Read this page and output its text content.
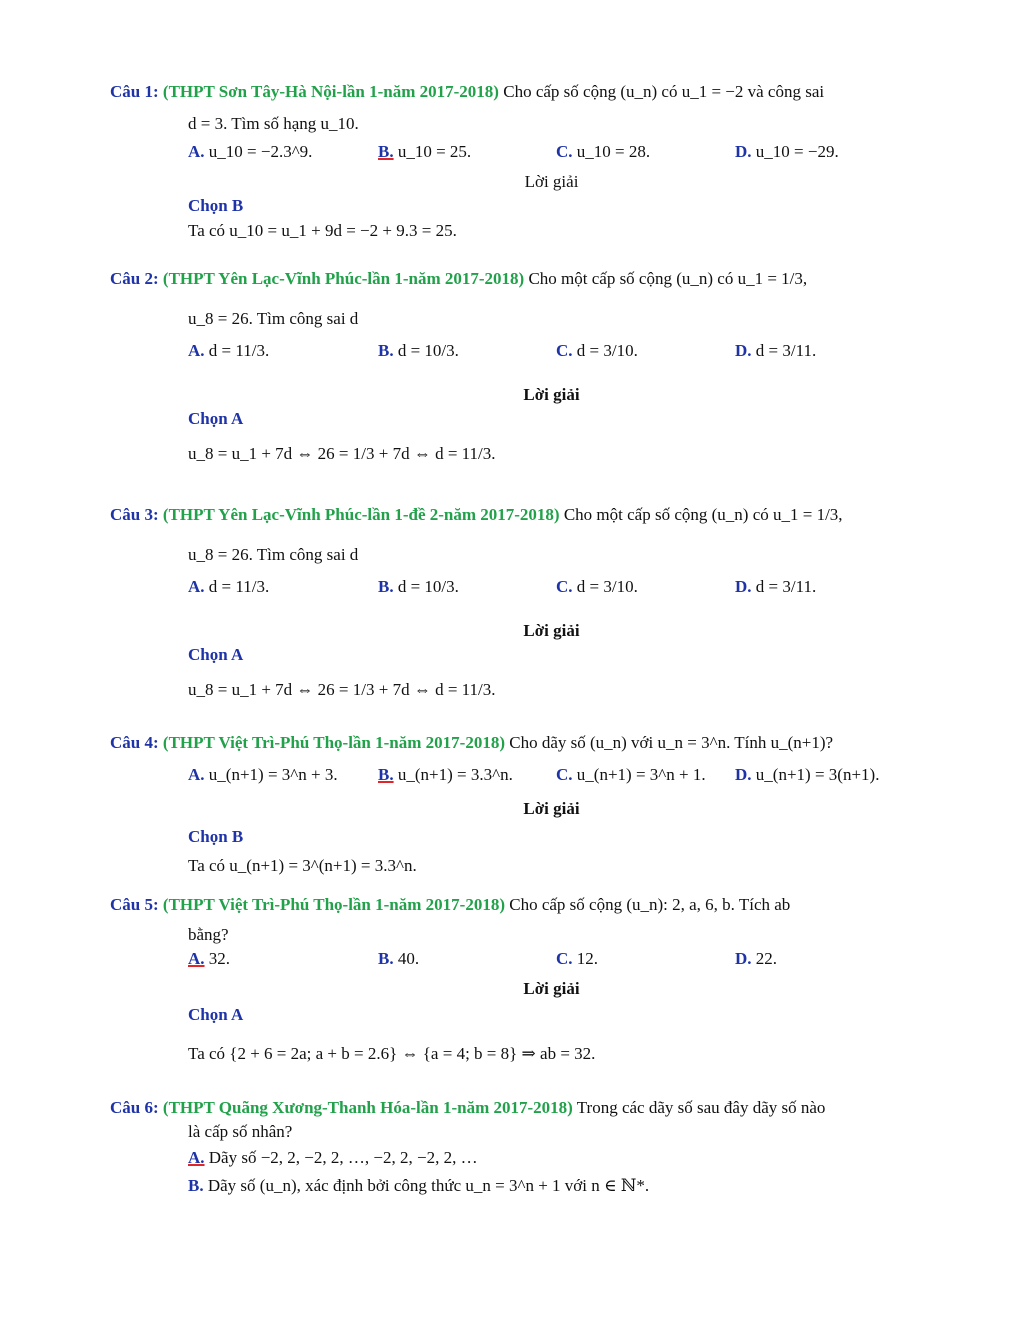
Câu 1: (THPT Sơn Tây-Hà Nội-lần 1-năm 2017-2018) Cho cấp số cộng (u_n) có u_1 = −2 và công sai
d = 3. Tìm số hạng u_10.
A. u_10 = −2.3^9.	B. u_10 = 25.	C. u_10 = 28.	D. u_10 = −29.
Lời giải
Chọn B
Ta có u_10 = u_1 + 9d = −2 + 9.3 = 25.
Câu 2: (THPT Yên Lạc-Vĩnh Phúc-lần 1-năm 2017-2018) Cho một cấp số cộng (u_n) có u_1 = 1/3,
u_8 = 26. Tìm công sai d
A. d = 11/3.	B. d = 10/3.	C. d = 3/10.	D. d = 3/11.
Lời giải
Chọn A
u_8 = u_1 + 7d ⇔ 26 = 1/3 + 7d ⇔ d = 11/3.
Câu 3: (THPT Yên Lạc-Vĩnh Phúc-lần 1-đề 2-năm 2017-2018) Cho một cấp số cộng (u_n) có u_1 = 1/3,
u_8 = 26. Tìm công sai d
A. d = 11/3.	B. d = 10/3.	C. d = 3/10.	D. d = 3/11.
Lời giải
Chọn A
u_8 = u_1 + 7d ⇔ 26 = 1/3 + 7d ⇔ d = 11/3.
Câu 4: (THPT Việt Trì-Phú Thọ-lần 1-năm 2017-2018) Cho dãy số (u_n) với u_n = 3^n. Tính u_(n+1)?
A. u_(n+1) = 3^n + 3. B. u_(n+1) = 3.3^n.	C. u_(n+1) = 3^n + 1. D. u_(n+1) = 3(n+1).
Lời giải
Chọn B
Ta có u_(n+1) = 3^(n+1) = 3.3^n.
Câu 5: (THPT Việt Trì-Phú Thọ-lần 1-năm 2017-2018) Cho cấp số cộng (u_n): 2, a, 6, b. Tích ab
bằng?
A. 32.	B. 40.	C. 12.	D. 22.
Lời giải
Chọn A
Ta có {2 + 6 = 2a; a + b = 2.6} ⇔ {a = 4; b = 8} ⇒ ab = 32.
Câu 6: (THPT Quãng Xương-Thanh Hóa-lần 1-năm 2017-2018) Trong các dãy số sau đây dãy số nào
là cấp số nhân?
A. Dãy số −2, 2, −2, 2, …, −2, 2, −2, 2, …
B. Dãy số (u_n), xác định bởi công thức u_n = 3^n + 1 với n ∈ ℕ*.
